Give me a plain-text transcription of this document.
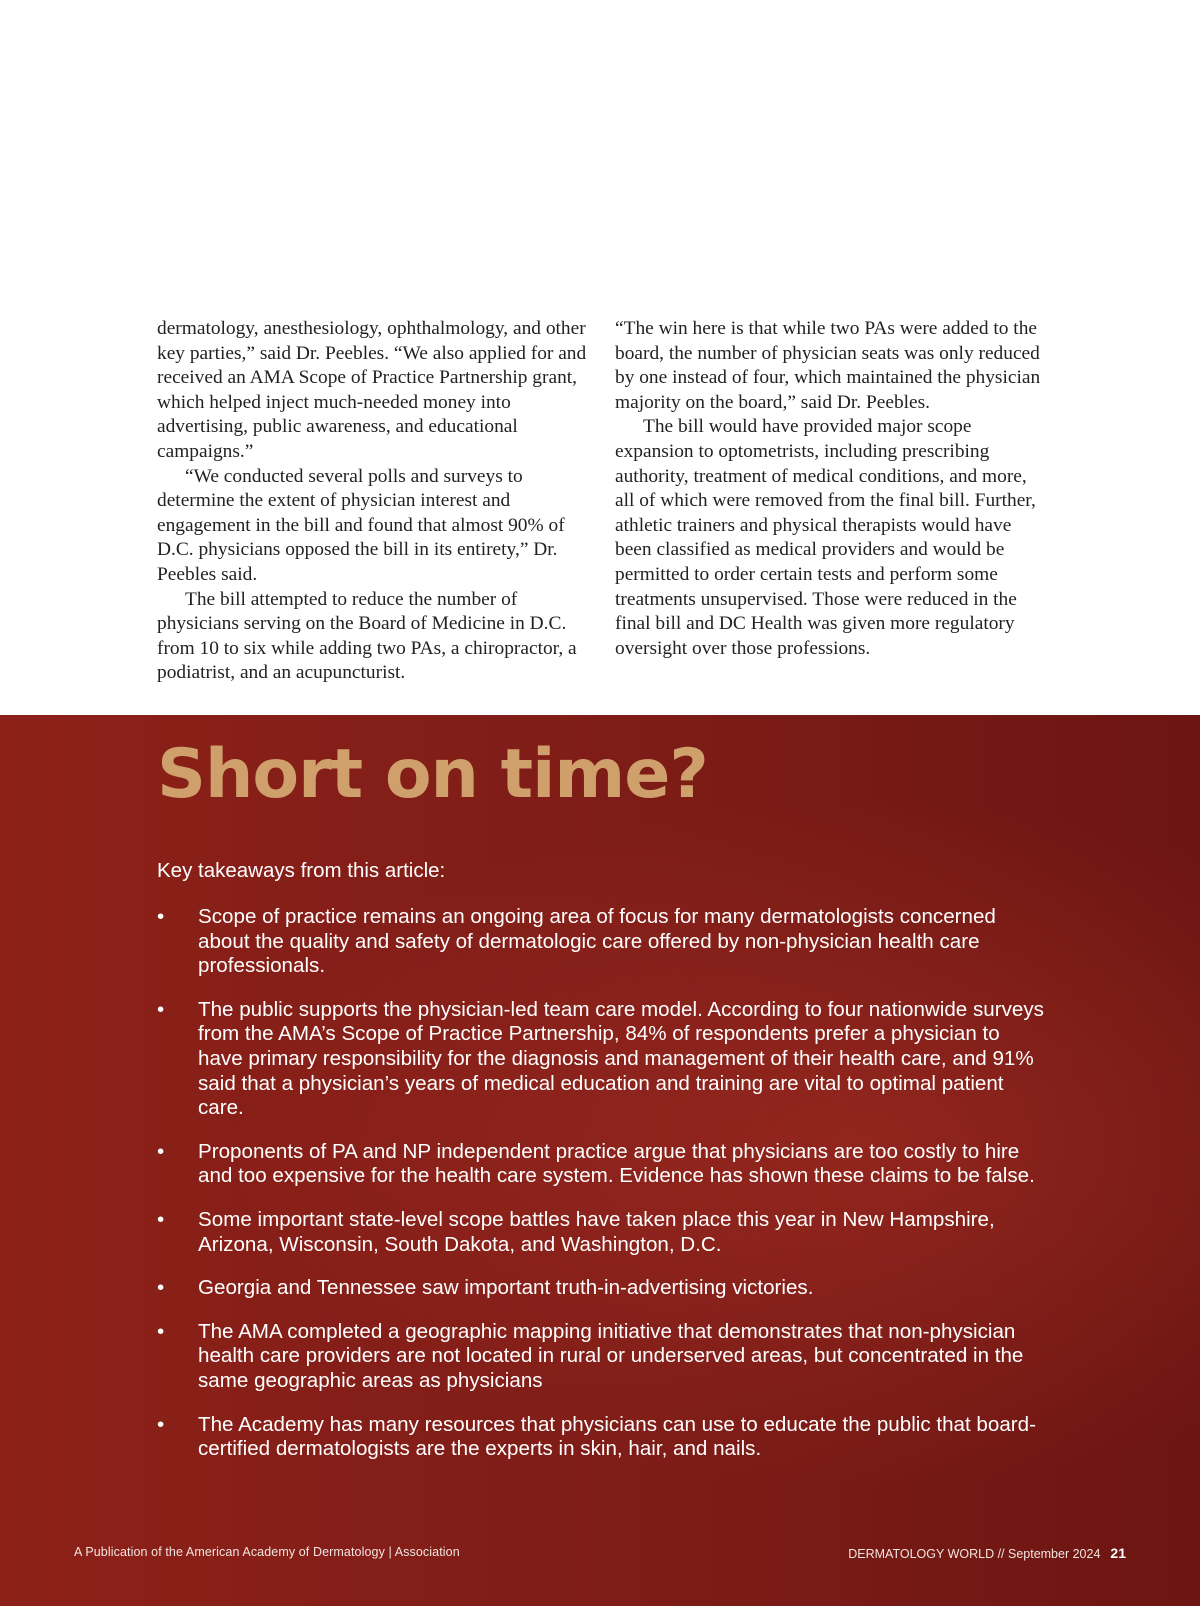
dermatology, anesthesiology, ophthalmology, and other key parties,” said Dr. Peebles. “We also applied for and received an AMA Scope of Practice Partnership grant, which helped inject much-needed money into advertising, public awareness, and educational campaigns.”

“We conducted several polls and surveys to determine the extent of physician interest and engagement in the bill and found that almost 90% of D.C. physicians opposed the bill in its entirety,” Dr. Peebles said.

The bill attempted to reduce the number of physicians serving on the Board of Medicine in D.C. from 10 to six while adding two PAs, a chiropractor, a podiatrist, and an acupuncturist.

“The win here is that while two PAs were added to the board, the number of physician seats was only reduced by one instead of four, which maintained the physician majority on the board,” said Dr. Peebles.

The bill would have provided major scope expansion to optometrists, including prescribing authority, treatment of medical conditions, and more, all of which were removed from the final bill. Further, athletic trainers and physical therapists would have been classified as medical providers and would be permitted to order certain tests and perform some treatments unsupervised. Those were reduced in the final bill and DC Health was given more regulatory oversight over those professions.

Short on time?

Key takeaways from this article:

•	Scope of practice remains an ongoing area of focus for many dermatologists concerned about the quality and safety of dermatologic care offered by non-physician health care professionals.
•	The public supports the physician-led team care model. According to four nationwide surveys from the AMA’s Scope of Practice Partnership, 84% of respondents prefer a physician to have primary responsibility for the diagnosis and management of their health care, and 91% said that a physician’s years of medical education and training are vital to optimal patient care.
•	Proponents of PA and NP independent practice argue that physicians are too costly to hire and too expensive for the health care system. Evidence has shown these claims to be false.
•	Some important state-level scope battles have taken place this year in New Hampshire, Arizona, Wisconsin, South Dakota, and Washington, D.C.
•	Georgia and Tennessee saw important truth-in-advertising victories.
•	The AMA completed a geographic mapping initiative that demonstrates that non-physician health care providers are not located in rural or underserved areas, but concentrated in the same geographic areas as physicians
•	The Academy has many resources that physicians can use to educate the public that board-certified dermatologists are the experts in skin, hair, and nails.
A Publication of the American Academy of Dermatology | Association	DERMATOLOGY WORLD // September 2024 21
